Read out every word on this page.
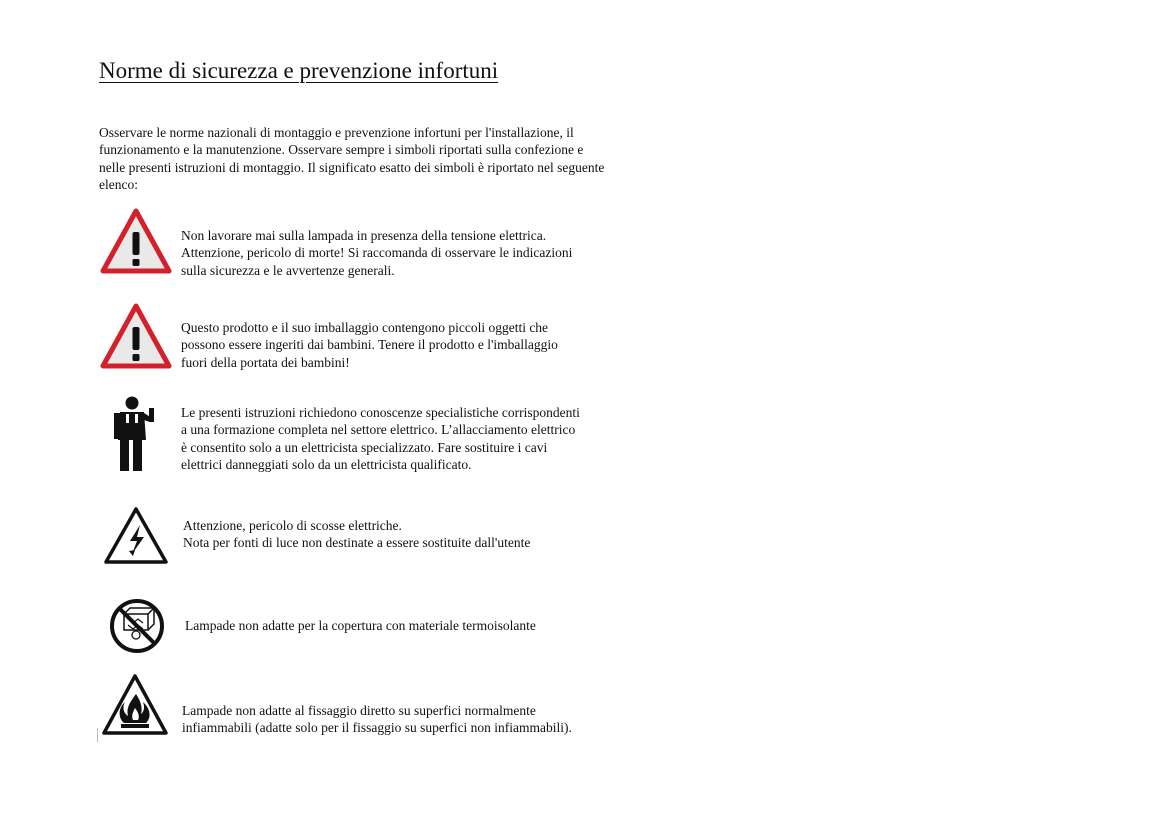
Norme di sicurezza e prevenzione infortuni

Osservare le norme nazionali di montaggio e prevenzione infortuni per l'installazione, il
funzionamento e la manutenzione. Osservare sempre i simboli riportati sulla confezione e
nelle presenti istruzioni di montaggio. Il significato esatto dei simboli è riportato nel seguente
elenco:

Non lavorare mai sulla lampada in presenza della tensione elettrica.
Attenzione, pericolo di morte! Si raccomanda di osservare le indicazioni
sulla sicurezza e le avvertenze generali.

Questo prodotto e il suo imballaggio contengono piccoli oggetti che
possono essere ingeriti dai bambini. Tenere il prodotto e l'imballaggio
fuori della portata dei bambini!

Le presenti istruzioni richiedono conoscenze specialistiche corrispondenti
a una formazione completa nel settore elettrico. L’allacciamento elettrico
è consentito solo a un elettricista specializzato. Fare sostituire i cavi
elettrici danneggiati solo da un elettricista qualificato.

Attenzione, pericolo di scosse elettriche.
Nota per fonti di luce non destinate a essere sostituite dall'utente

Lampade non adatte per la copertura con materiale termoisolante

Lampade non adatte al fissaggio diretto su superfici normalmente
infiammabili (adatte solo per il fissaggio su superfici non infiammabili).
